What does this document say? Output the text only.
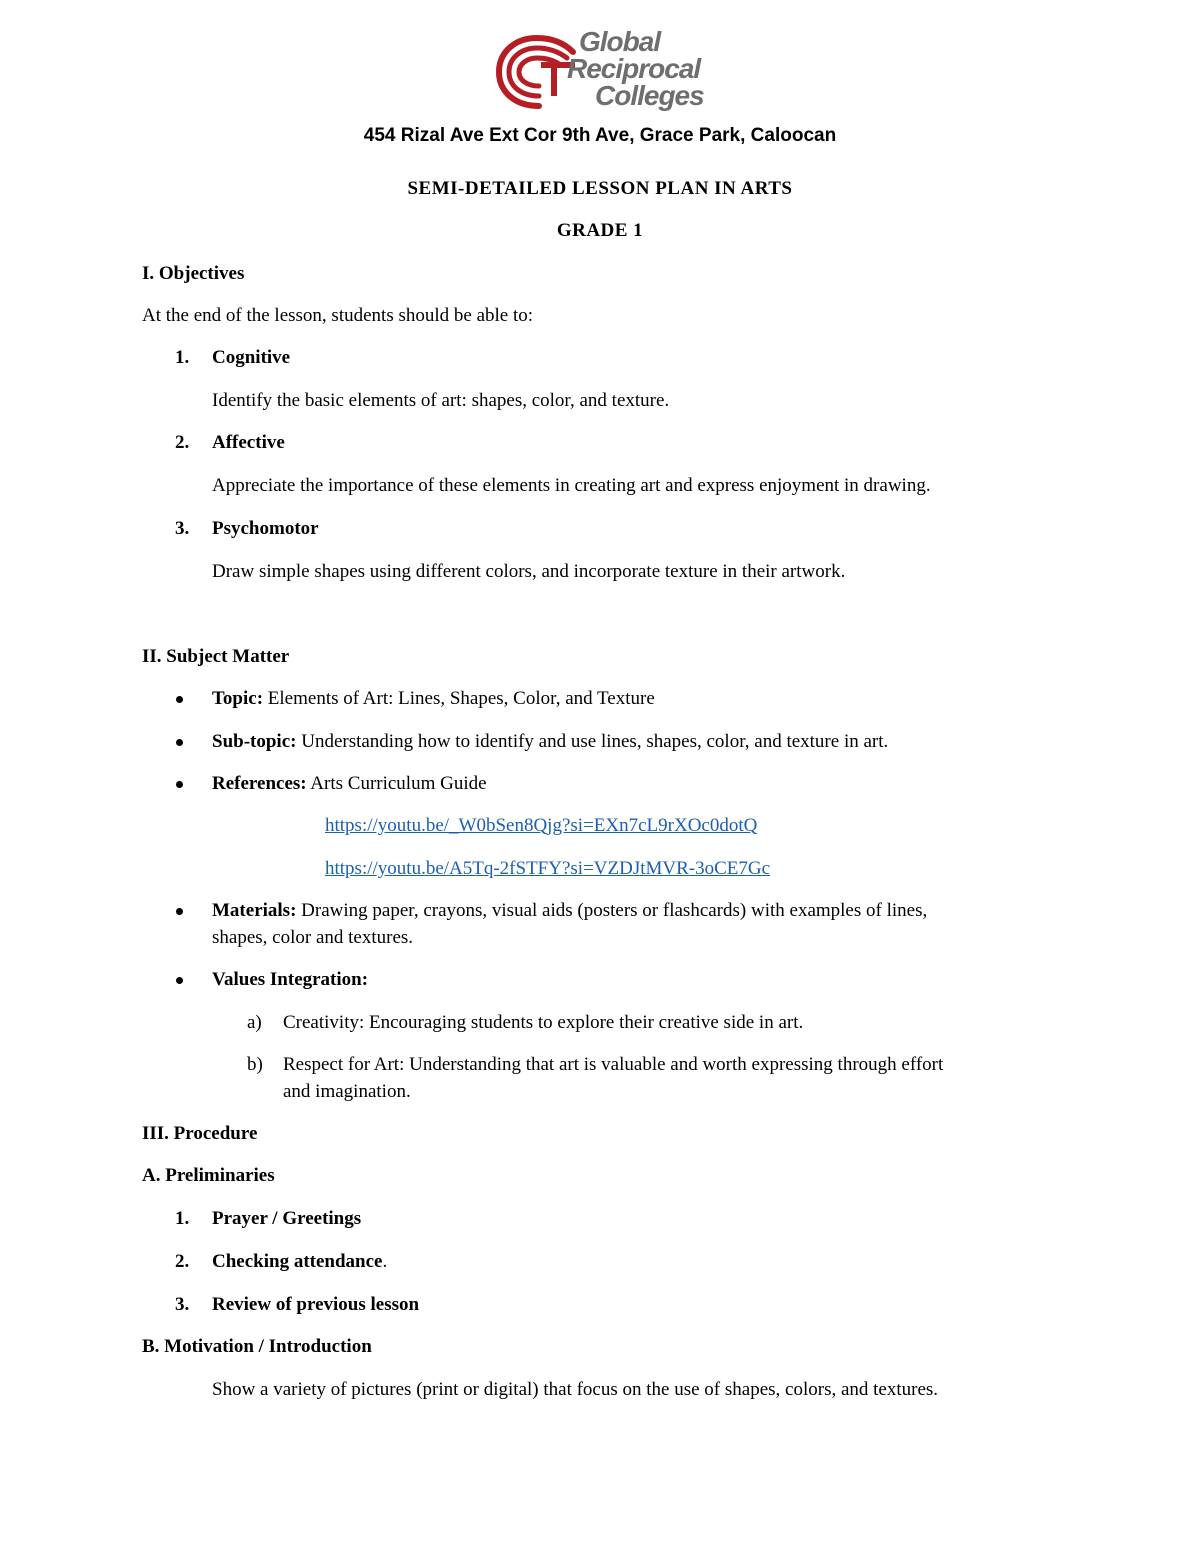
Global
Reciprocal
Colleges
454 Rizal Ave Ext Cor 9th Ave, Grace Park, Caloocan
SEMI-DETAILED LESSON PLAN IN ARTS
GRADE 1
I. Objectives
At the end of the lesson, students should be able to:
1. Cognitive
Identify the basic elements of art: shapes, color, and texture.
2. Affective
Appreciate the importance of these elements in creating art and express enjoyment in drawing.
3. Psychomotor
Draw simple shapes using different colors, and incorporate texture in their artwork.
II. Subject Matter
Topic: Elements of Art: Lines, Shapes, Color, and Texture
Sub-topic: Understanding how to identify and use lines, shapes, color, and texture in art.
References: Arts Curriculum Guide
https://youtu.be/_W0bSen8Qjg?si=EXn7cL9rXOc0dotQ
https://youtu.be/A5Tq-2fSTFY?si=VZDJtMVR-3oCE7Gc
Materials: Drawing paper, crayons, visual aids (posters or flashcards) with examples of lines,
shapes, color and textures.
Values Integration:
a) Creativity: Encouraging students to explore their creative side in art.
b) Respect for Art: Understanding that art is valuable and worth expressing through effort
and imagination.
III. Procedure
A. Preliminaries
1. Prayer / Greetings
2. Checking attendance.
3. Review of previous lesson
B. Motivation / Introduction
Show a variety of pictures (print or digital) that focus on the use of shapes, colors, and textures.
